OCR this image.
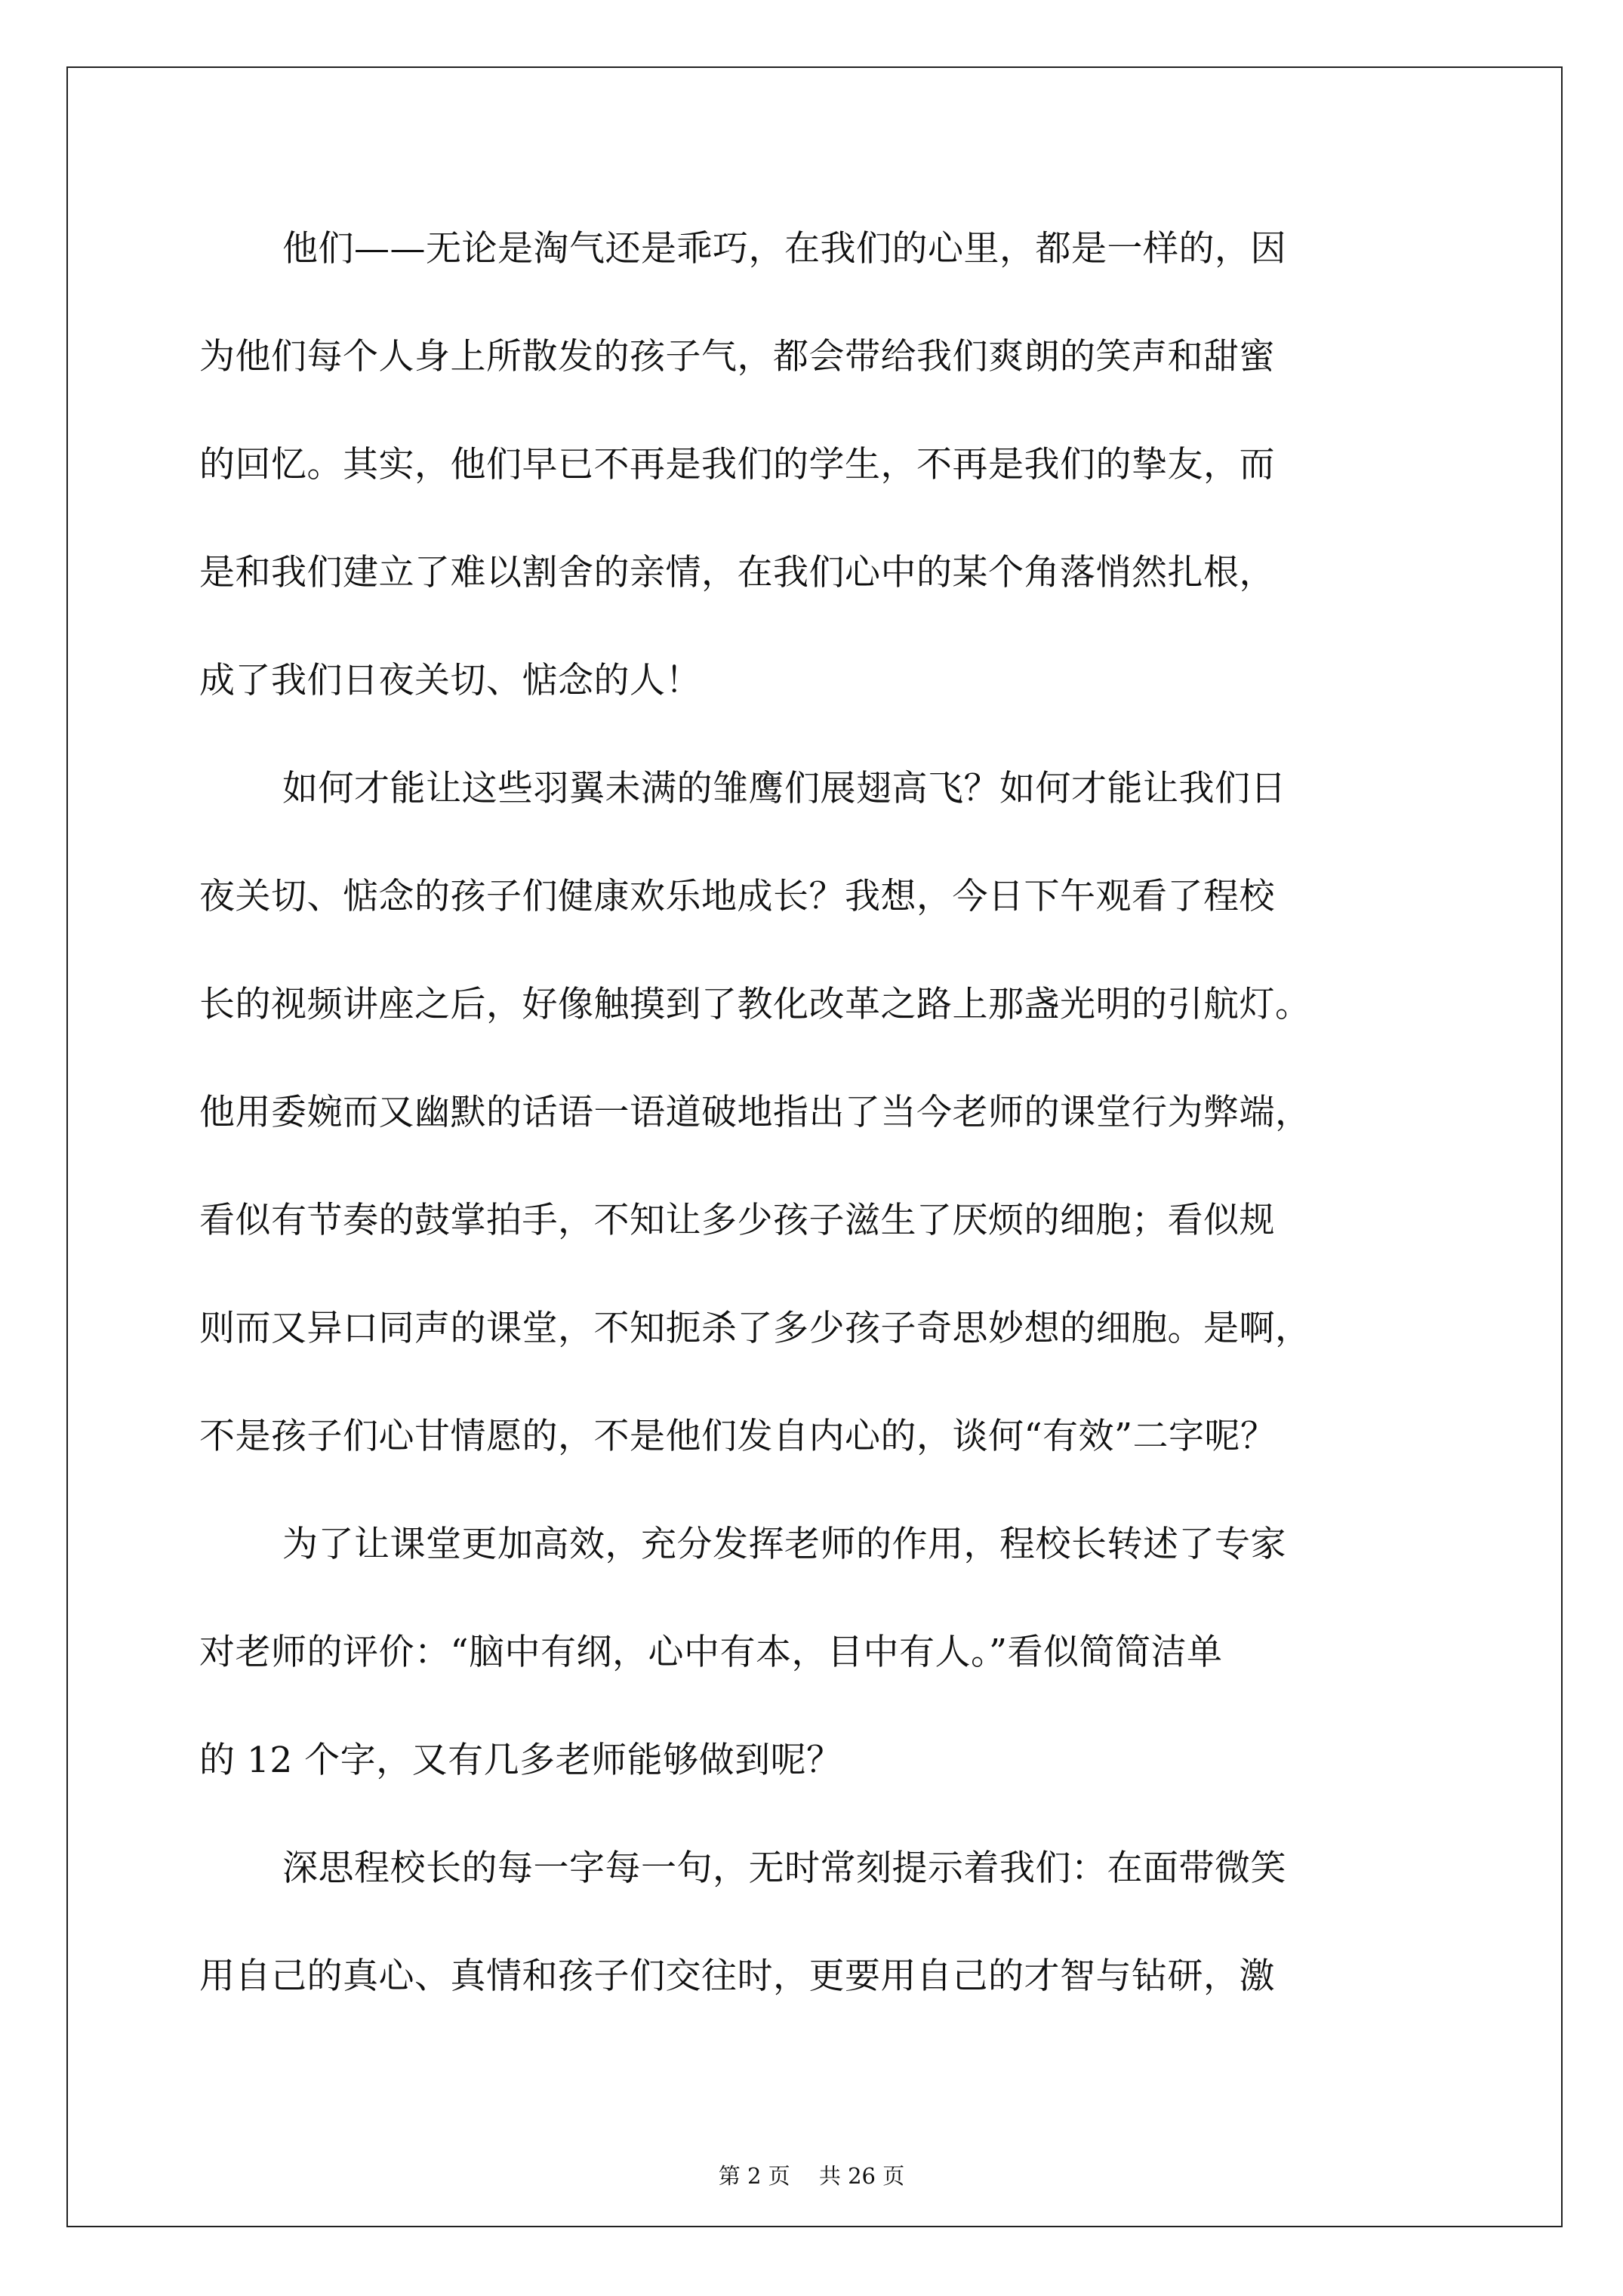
他们——无论是淘气还是乖巧，在我们的心里，都是一样的，因
为他们每个人身上所散发的孩子气，都会带给我们爽朗的笑声和甜蜜
的回忆。其实，他们早已不再是我们的学生，不再是我们的挚友，而
是和我们建立了难以割舍的亲情，在我们心中的某个角落悄然扎根，
成了我们日夜关切、惦念的人！
如何才能让这些羽翼未满的雏鹰们展翅高飞？如何才能让我们日
夜关切、惦念的孩子们健康欢乐地成长？我想，今日下午观看了程校
长的视频讲座之后，好像触摸到了教化改革之路上那盏光明的引航灯。
他用委婉而又幽默的话语一语道破地指出了当今老师的课堂行为弊端，
看似有节奏的鼓掌拍手，不知让多少孩子滋生了厌烦的细胞；看似规
则而又异口同声的课堂，不知扼杀了多少孩子奇思妙想的细胞。是啊，
不是孩子们心甘情愿的，不是他们发自内心的，谈何“有效”二字呢？
为了让课堂更加高效，充分发挥老师的作用，程校长转述了专家
对老师的评价：“脑中有纲，心中有本，目中有人。”看似简简洁单
的 12 个字，又有几多老师能够做到呢？
深思程校长的每一字每一句，无时常刻提示着我们：在面带微笑
用自己的真心、真情和孩子们交往时，更要用自己的才智与钻研，激
第 2 页　 共 26 页
